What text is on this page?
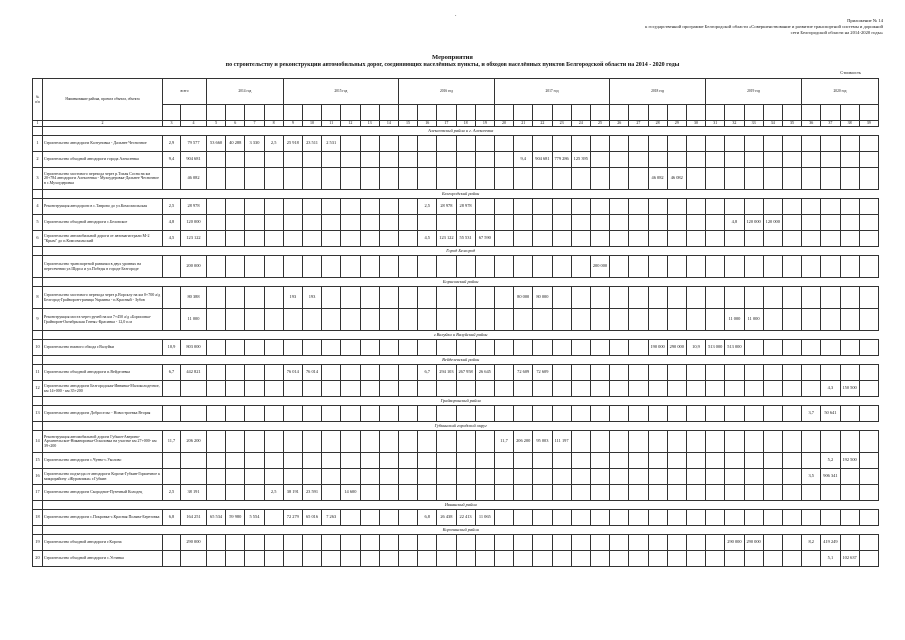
.
Приложение № 14
к государственной программе Белгородской области «Совершенствование и развитие транспортной системы и дорожной
сети Белгородской области на 2014-2020 годы»
Мероприятия
по строительству и реконструкции автомобильных дорог, соединяющих населённых пункты, и обходов населённых пунктов Белгородской области на 2014 - 2020 годы
Стоимость
№ п/п	Наименование района, проекта объекта, объекта	всего		2014 год				2015 год						2016 год					2017 год						2018 год					2019 год					2020 год			

1	2	3	4	5	6	7	8	9	10	11	12	13	14	15	16	17	18	19	20	21	22	23	24	25	26	27	28	29	30	31	32	33	34	35	36	37	38	39
	Алексеевский район и г. Алексеевка																																					
1	Строительство автодороги Колтуновка - Дальнее Чесночное	2,9	79 577	53 660	40 288	3 330	2,5	25 918	23 511	2 531																												
2	Строительство обходной автодороги города Алексеевка	9,4	904 681																	9,4	904 681	779 286	125 395															
3	Строительство мостового перехода через р.Тихая Сосна на км 20+784 автодороги Алексеевка - Мухоудеровка-Дальнее Чесночное в с.Мухоудеровка		46 082																								46 082	46 082										
	Белгородский район																																					
4	Реконструкция автодороги в с.Таврово до ул.Комсомольская	2,5	28 978												2,5	28 978	28 978																					
5	Строительство обходной автодороги с.Беловское	4,8	120 000																												4,8	120 000	120 000					
6	Строительство автомобильной дороги от автомагистрали М-2 "Крым" до п.Комсомольский	4,5	123 122												4,5	123 122	55 531	67 590																				
	Город Белгород																																					
	Строительство транспортной развязки в двух уровнях на пересечении ул.Щорса и ул.Победы в городе Белгороде		200 000																					200 000														
	Борисовский район																																					
8	Строительство мостового перехода через р.Ворсклу на км 0+700 а/д Белгород-Грайворон-граница Украины - п.Красный - Зубов		80 388					193	193											80 000	80 000																	
9	Реконструкция моста через ручей на км 7+450 а/д «Борисовка-Грайворон-Октябрьская Готня»-Красинка - 12,0 п.м		11 000																												11 000	11 000						
	г.Валуйки и Валуйский район																																					
10	Строительство южного обхода г.Валуйки	10,9	803 000																								190 000	290 000	10,9	513 000	513 000							
	Вейделевский район																																					
11	Строительство обходной автодороги п.Вейделевка	6,7	442 821					76 014	76 014						6,7	294 103	267 958	26 645		72 609	72 609																	
12	Строительство автодороги Белгородская-Ивнянка-Малоколодезное, км 14+000 - км 35+200																																			4,3	150 500	
	Грайворонский район																																					
13	Строительство автодороги Добросельє - Новостроевка Вторая																																		3,7	50 641		
	Губкинский городской округ																																					
14	Реконструкция автомобильной дороги Губкин-Аверино-Архангельское-Никаноровка-Осколовка на участке км 27+000- км 39+200	11,7	206 200																11,7	206 200	95 003	111 197																
15	Строительство автодороги с.Чуево-с.Уколово																																			5,2	192 500	
16	Строительство подъезда от автодороги Короча-Губкин-Горшечное к микрорайону «Журавлики» г.Губкин																																		3,5	906 341		
17	Строительство автодороги Скородное-Пузечный Колодец	2,5	38 191				2,5	38 191	23 591		14 600																											
	Ивнянский район																																					
18	Строительство автодороги с.Покровка-с.Красная Поляна-Березовка	6,8	164 251	65 534	59 980	5 554		72 279	65 016	7 263					6,8	26 438	22 413	11 065																				
	Корочанский район																																					
19	Строительство обходной автодороги г.Короча		290 000																												290 000	290 000			8,2	419 249		
20	Строительство обходной автодороги с.Устинка																																			5,1	102 637	
